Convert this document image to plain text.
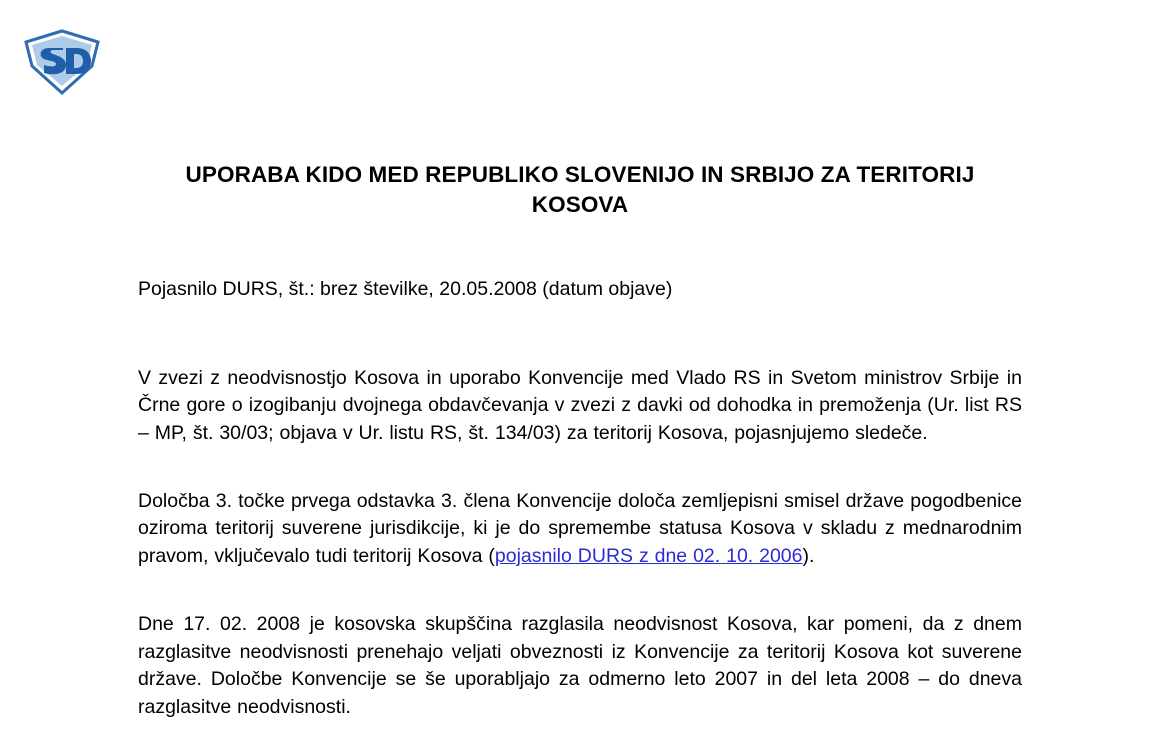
UPORABA KIDO MED REPUBLIKO SLOVENIJO IN SRBIJO ZA TERITORIJ KOSOVA

Pojasnilo DURS, št.: brez številke, 20.05.2008 (datum objave)

V zvezi z neodvisnostjo Kosova in uporabo Konvencije med Vlado RS in Svetom ministrov Srbije in Črne gore o izogibanju dvojnega obdavčevanja v zvezi z davki od dohodka in premoženja (Ur. list RS – MP, št. 30/03; objava v Ur. listu RS, št. 134/03) za teritorij Kosova, pojasnjujemo sledeče.

Določba 3. točke prvega odstavka 3. člena Konvencije določa zemljepisni smisel države pogodbenice oziroma teritorij suverene jurisdikcije, ki je do spremembe statusa Kosova v skladu z mednarodnim pravom, vključevalo tudi teritorij Kosova (pojasnilo DURS z dne 02. 10. 2006).

Dne 17. 02. 2008 je kosovska skupščina razglasila neodvisnost Kosova, kar pomeni, da z dnem razglasitve neodvisnosti prenehajo veljati obveznosti iz Konvencije za teritorij Kosova kot suverene države. Določbe Konvencije se še uporabljajo za odmerno leto 2007 in del leta 2008 – do dneva razglasitve neodvisnosti.
